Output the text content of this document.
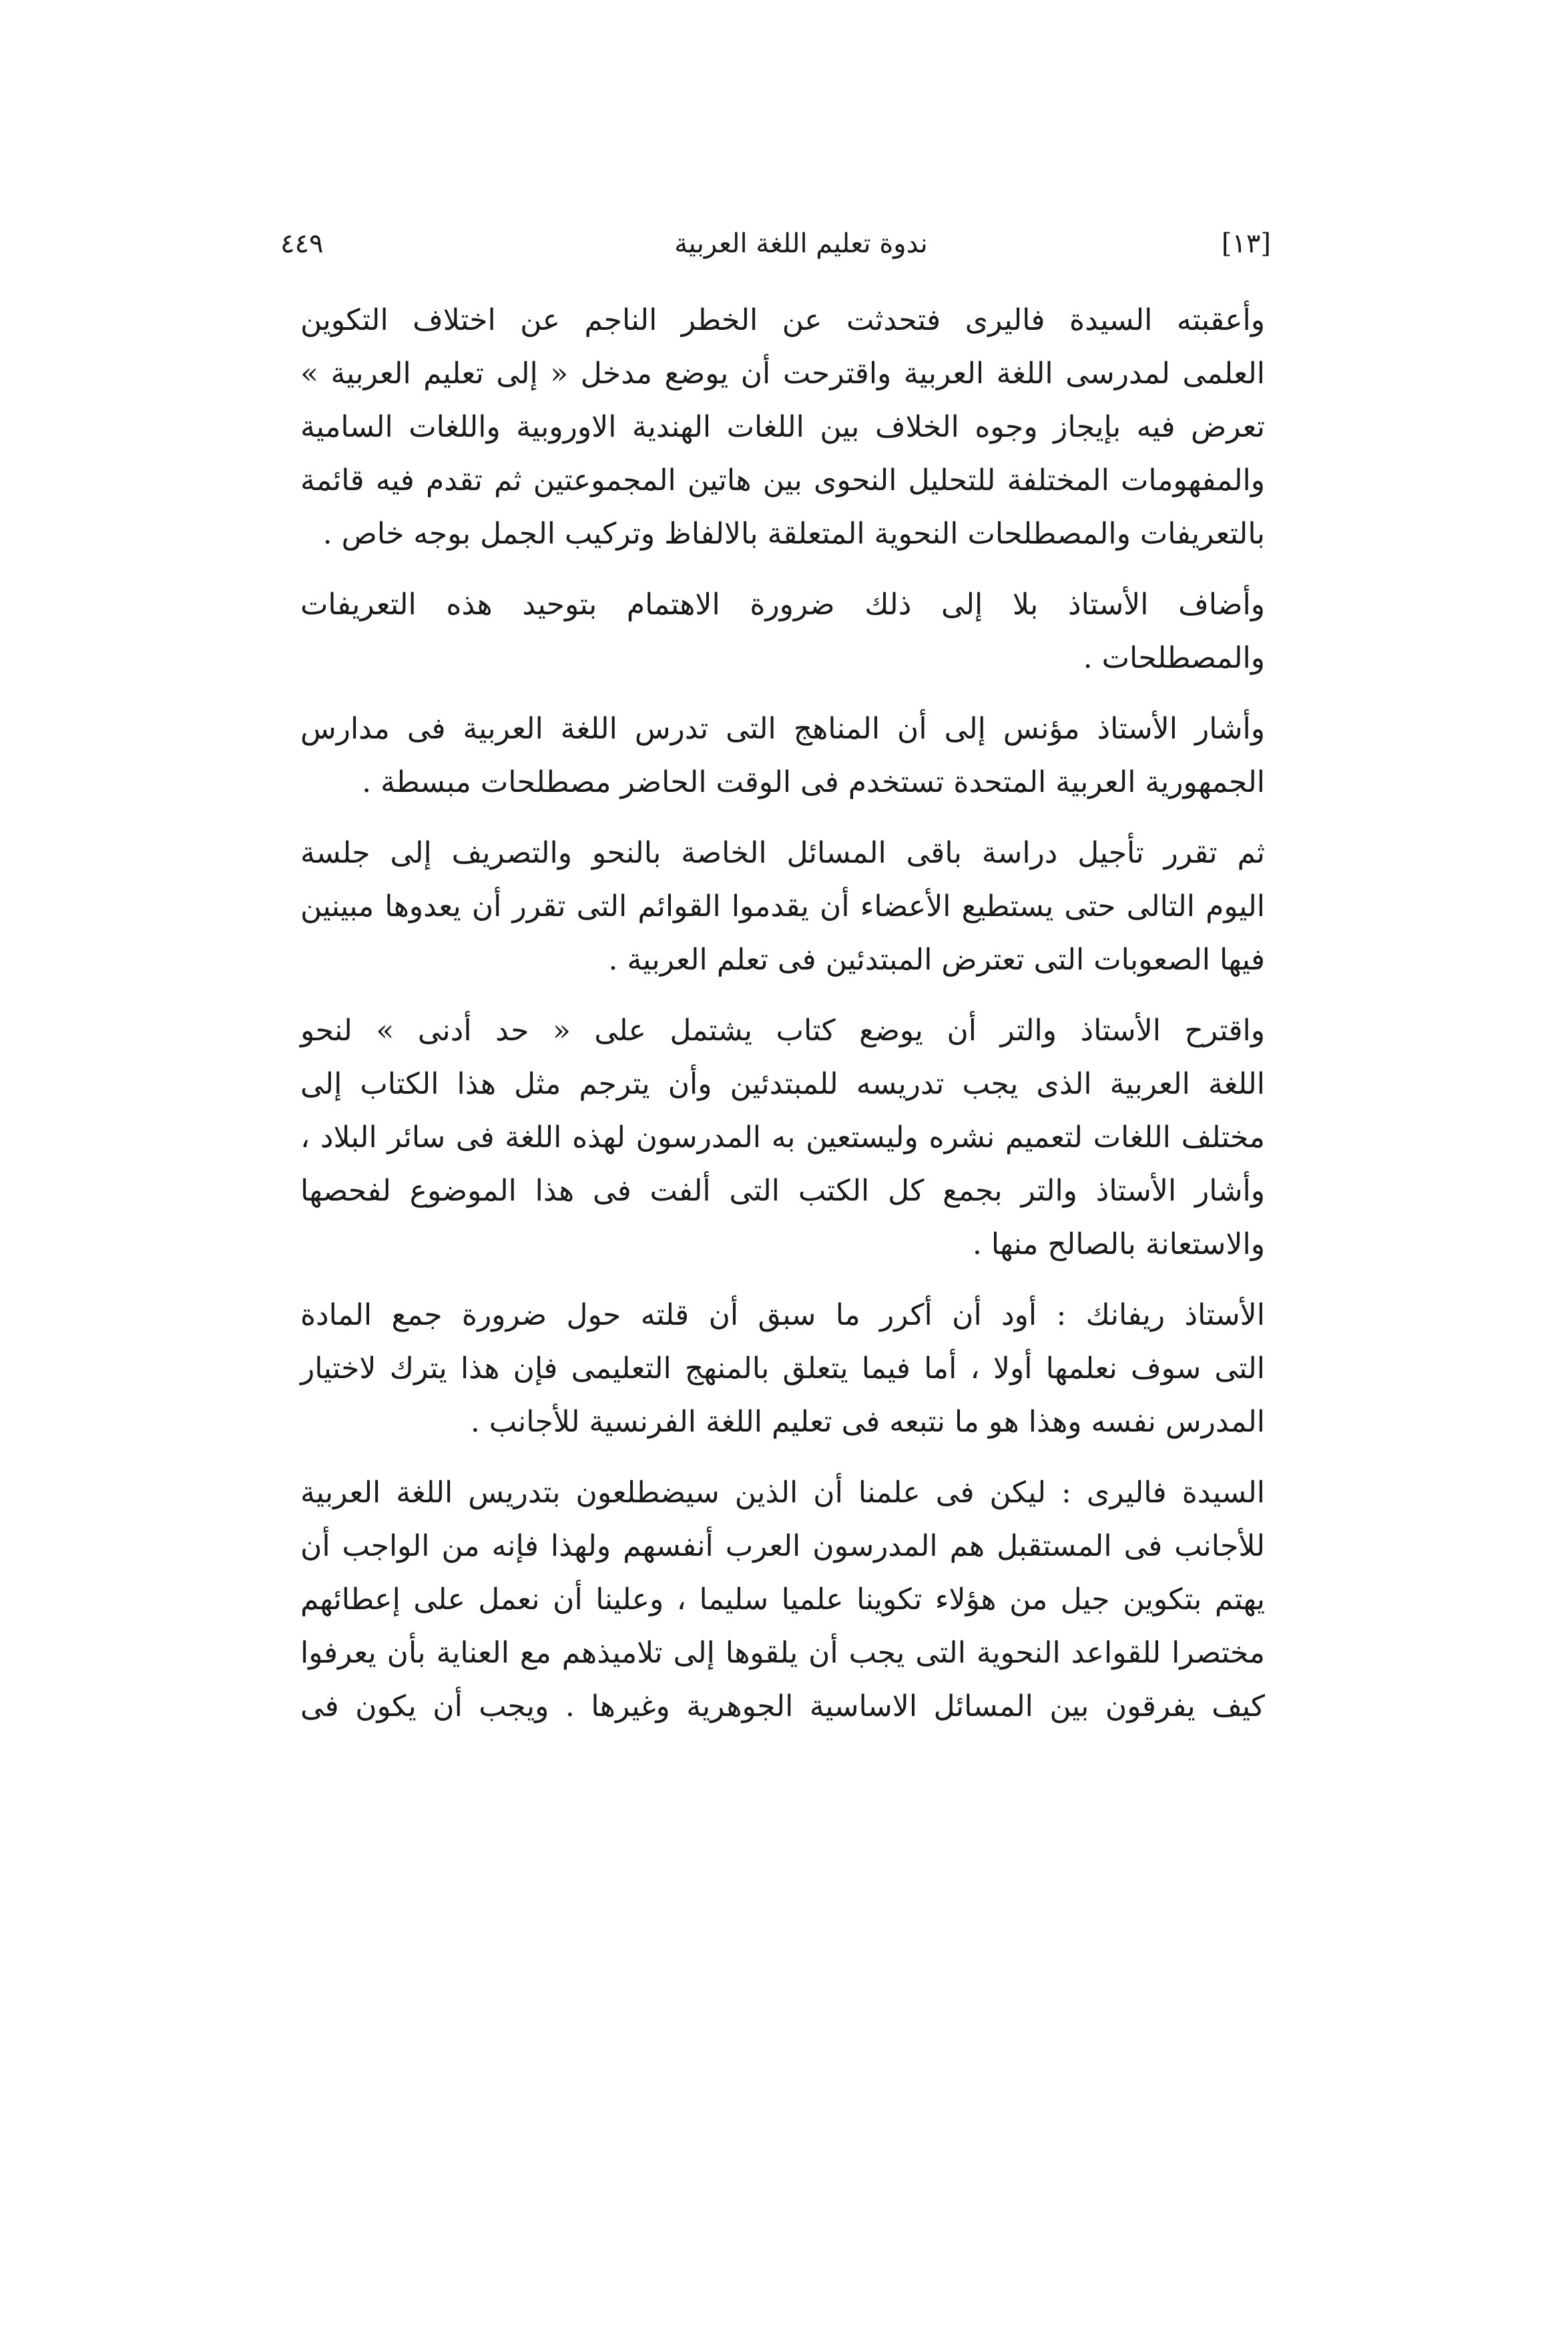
٤٤٩	ندوة تعليم اللغة العربية	[١٣]
وأعقبته السيدة فاليرى فتحدثت عن الخطر الناجم عن اختلاف التكوين
العلمى لمدرسى اللغة العربية واقترحت أن يوضع مدخل « إلى تعليم العربية »
تعرض فيه بإيجاز وجوه الخلاف بين اللغات الهندية الاوروبية واللغات السامية
والمفهومات المختلفة للتحليل النحوى بين هاتين المجموعتين ثم تقدم فيه قائمة
بالتعريفات والمصطلحات النحوية المتعلقة بالالفاظ وتركيب الجمل بوجه خاص .
وأضاف الأستاذ بلا إلى ذلك ضرورة الاهتمام بتوحيد هذه التعريفات
والمصطلحات .
وأشار الأستاذ مؤنس إلى أن المناهج التى تدرس اللغة العربية فى مدارس
الجمهورية العربية المتحدة تستخدم فى الوقت الحاضر مصطلحات مبسطة .
ثم تقرر تأجيل دراسة باقى المسائل الخاصة بالنحو والتصريف إلى جلسة
اليوم التالى حتى يستطيع الأعضاء أن يقدموا القوائم التى تقرر أن يعدوها مبينين
فيها الصعوبات التى تعترض المبتدئين فى تعلم العربية .
واقترح الأستاذ والتر أن يوضع كتاب يشتمل على « حد أدنى » لنحو
اللغة العربية الذى يجب تدريسه للمبتدئين وأن يترجم مثل هذا الكتاب إلى
مختلف اللغات لتعميم نشره وليستعين به المدرسون لهذه اللغة فى سائر البلاد ،
وأشار الأستاذ والتر بجمع كل الكتب التى ألفت فى هذا الموضوع لفحصها
والاستعانة بالصالح منها .
الأستاذ ريفانك : أود أن أكرر ما سبق أن قلته حول ضرورة جمع المادة
التى سوف نعلمها أولا ، أما فيما يتعلق بالمنهج التعليمى فإن هذا يترك لاختيار
المدرس نفسه وهذا هو ما نتبعه فى تعليم اللغة الفرنسية للأجانب .
السيدة فاليرى : ليكن فى علمنا أن الذين سيضطلعون بتدريس اللغة العربية
للأجانب فى المستقبل هم المدرسون العرب أنفسهم ولهذا فإنه من الواجب أن
يهتم بتكوين جيل من هؤلاء تكوينا علميا سليما ، وعلينا أن نعمل على إعطائهم
مختصرا للقواعد النحوية التى يجب أن يلقوها إلى تلاميذهم مع العناية بأن يعرفوا
كيف يفرقون بين المسائل الاساسية الجوهرية وغيرها . ويجب أن يكون فى
